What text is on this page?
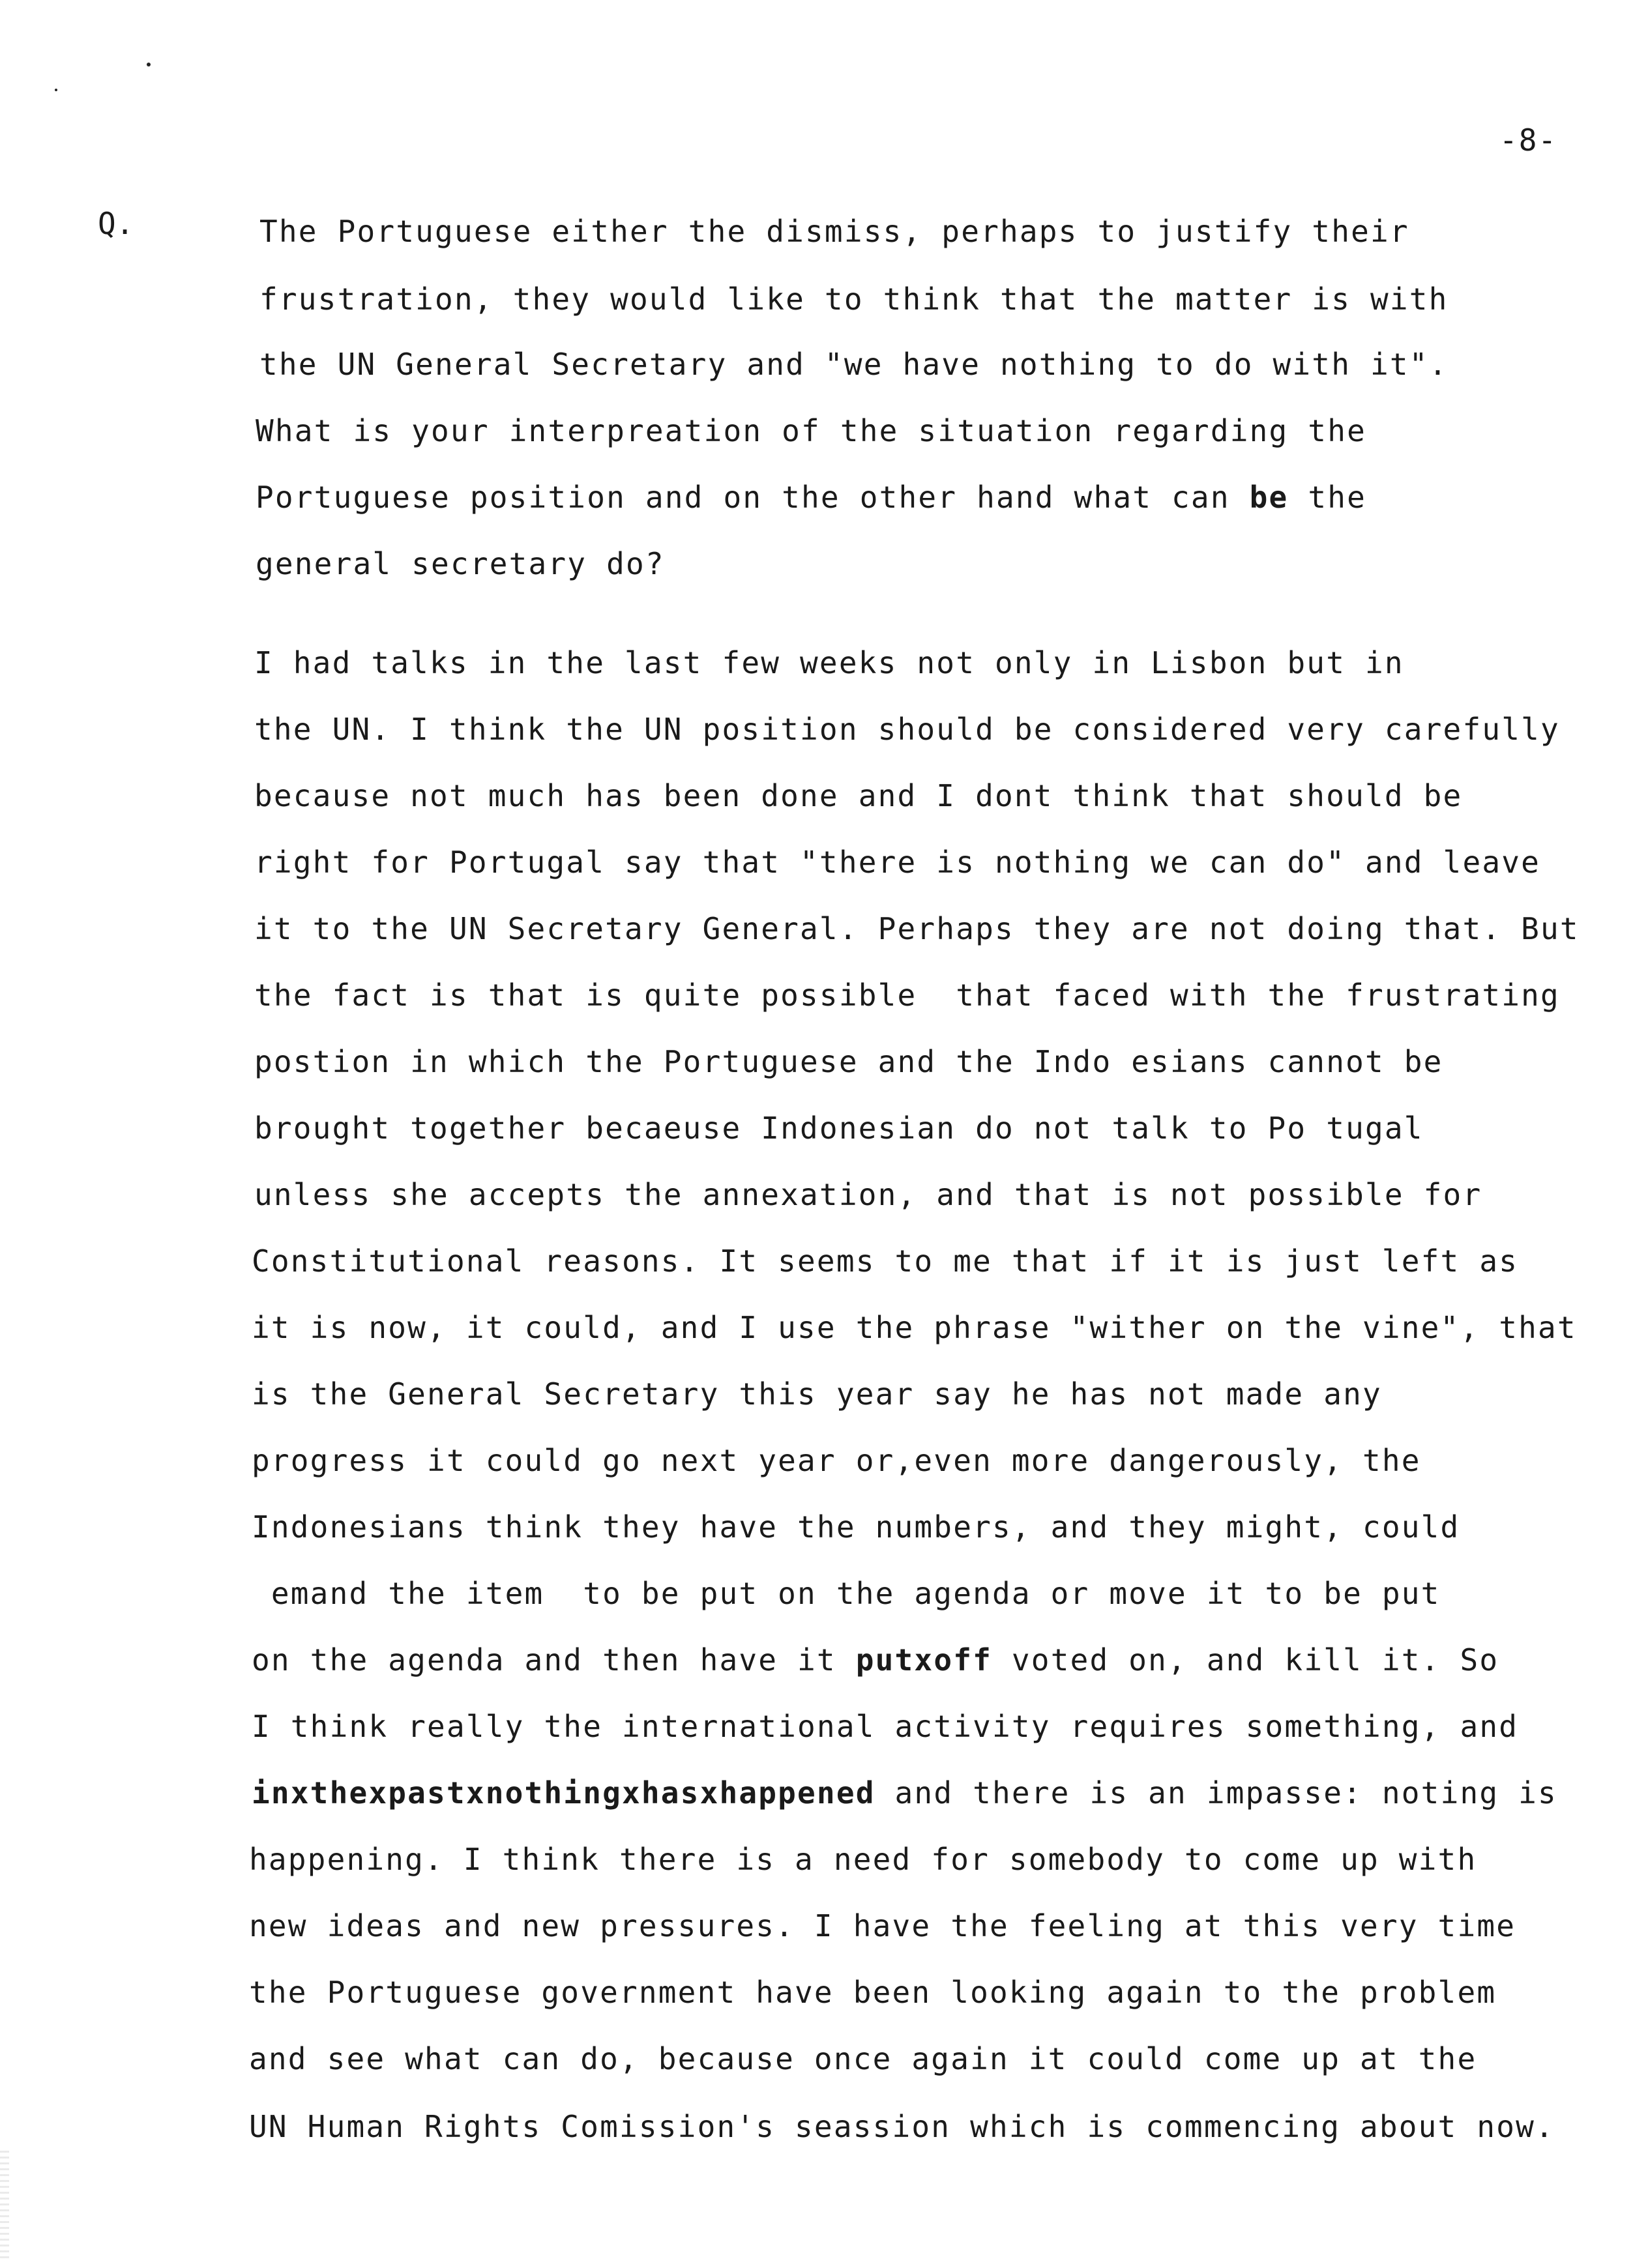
-8-
Q.	The Portuguese either the dismiss, perhaps to justify their
frustration, they would like to think that the matter is with
the UN General Secretary and "we have nothing to do with it".
What is your interpreation of the situation regarding the
Portuguese position and on the other hand what can be the
general secretary do?
I had talks in the last few weeks not only in Lisbon but in
the UN. I think the UN position should be considered very carefully
because not much has been done and I dont think that should be
right for Portugal say that "there is nothing we can do" and leave
it to the UN Secretary General. Perhaps they are not doing that. But
the fact is that is quite possible  that faced with the frustrating
postion in which the Portuguese and the Indo esians cannot be
brought together becaeuse Indonesian do not talk to Po tugal
unless she accepts the annexation, and that is not possible for
Constitutional reasons. It seems to me that if it is just left as
it is now, it could, and I use the phrase "wither on the vine", that
is the General Secretary this year say he has not made any
progress it could go next year or,even more dangerously, the
Indonesians think they have the numbers, and they might, could
emand the item  to be put on the agenda or move it to be put
on the agenda and then have it putxoff voted on, and kill it. So
I think really the international activity requires something, and
inxthexpastxnothingxhasxhappened and there is an impasse: noting is
happening. I think there is a need for somebody to come up with
new ideas and new pressures. I have the feeling at this very time
the Portuguese government have been looking again to the problem
and see what can do, because once again it could come up at the
UN Human Rights Comission's seassion which is commencing about now.
